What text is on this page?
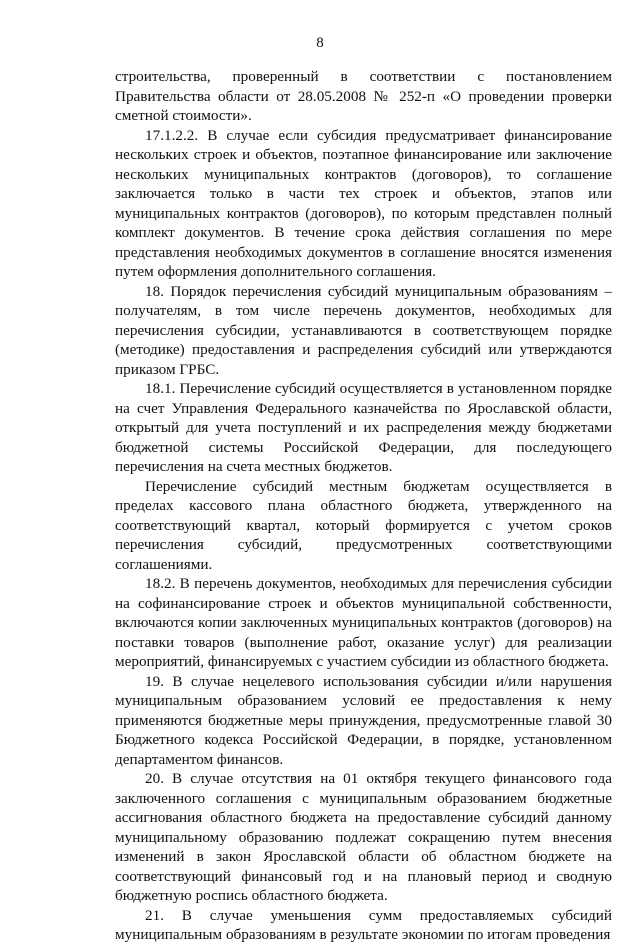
8

строительства, проверенный в соответствии с постановлением Правительства области от 28.05.2008 № 252-п «О проведении проверки сметной стоимости».

17.1.2.2. В случае если субсидия предусматривает финансирование нескольких строек и объектов, поэтапное финансирование или заключение нескольких муниципальных контрактов (договоров), то соглашение заключается только в части тех строек и объектов, этапов или муниципальных контрактов (договоров), по которым представлен полный комплект документов. В течение срока действия соглашения по мере представления необходимых документов в соглашение вносятся изменения путем оформления дополнительного соглашения.

18. Порядок перечисления субсидий муниципальным образованиям – получателям, в том числе перечень документов, необходимых для перечисления субсидии, устанавливаются в соответствующем порядке (методике) предоставления и распределения субсидий или утверждаются приказом ГРБС.

18.1. Перечисление субсидий осуществляется в установленном порядке на счет Управления Федерального казначейства по Ярославской области, открытый для учета поступлений и их распределения между бюджетами бюджетной системы Российской Федерации, для последующего перечисления на счета местных бюджетов.

Перечисление субсидий местным бюджетам осуществляется в пределах кассового плана областного бюджета, утвержденного на соответствующий квартал, который формируется с учетом сроков перечисления субсидий, предусмотренных соответствующими соглашениями.

18.2. В перечень документов, необходимых для перечисления субсидии на софинансирование строек и объектов муниципальной собственности, включаются копии заключенных муниципальных контрактов (договоров) на поставки товаров (выполнение работ, оказание услуг) для реализации мероприятий, финансируемых с участием субсидии из областного бюджета.

19. В случае нецелевого использования субсидии и/или нарушения муниципальным образованием условий ее предоставления к нему применяются бюджетные меры принуждения, предусмотренные главой 30 Бюджетного кодекса Российской Федерации, в порядке, установленном департаментом финансов.

20. В случае отсутствия на 01 октября текущего финансового года заключенного соглашения с муниципальным образованием бюджетные ассигнования областного бюджета на предоставление субсидий данному муниципальному образованию подлежат сокращению путем внесения изменений в закон Ярославской области об областном бюджете на соответствующий финансовый год и на плановый период и сводную бюджетную роспись областного бюджета.

21. В случае уменьшения сумм предоставляемых субсидий муниципальным образованиям в результате экономии по итогам проведения
